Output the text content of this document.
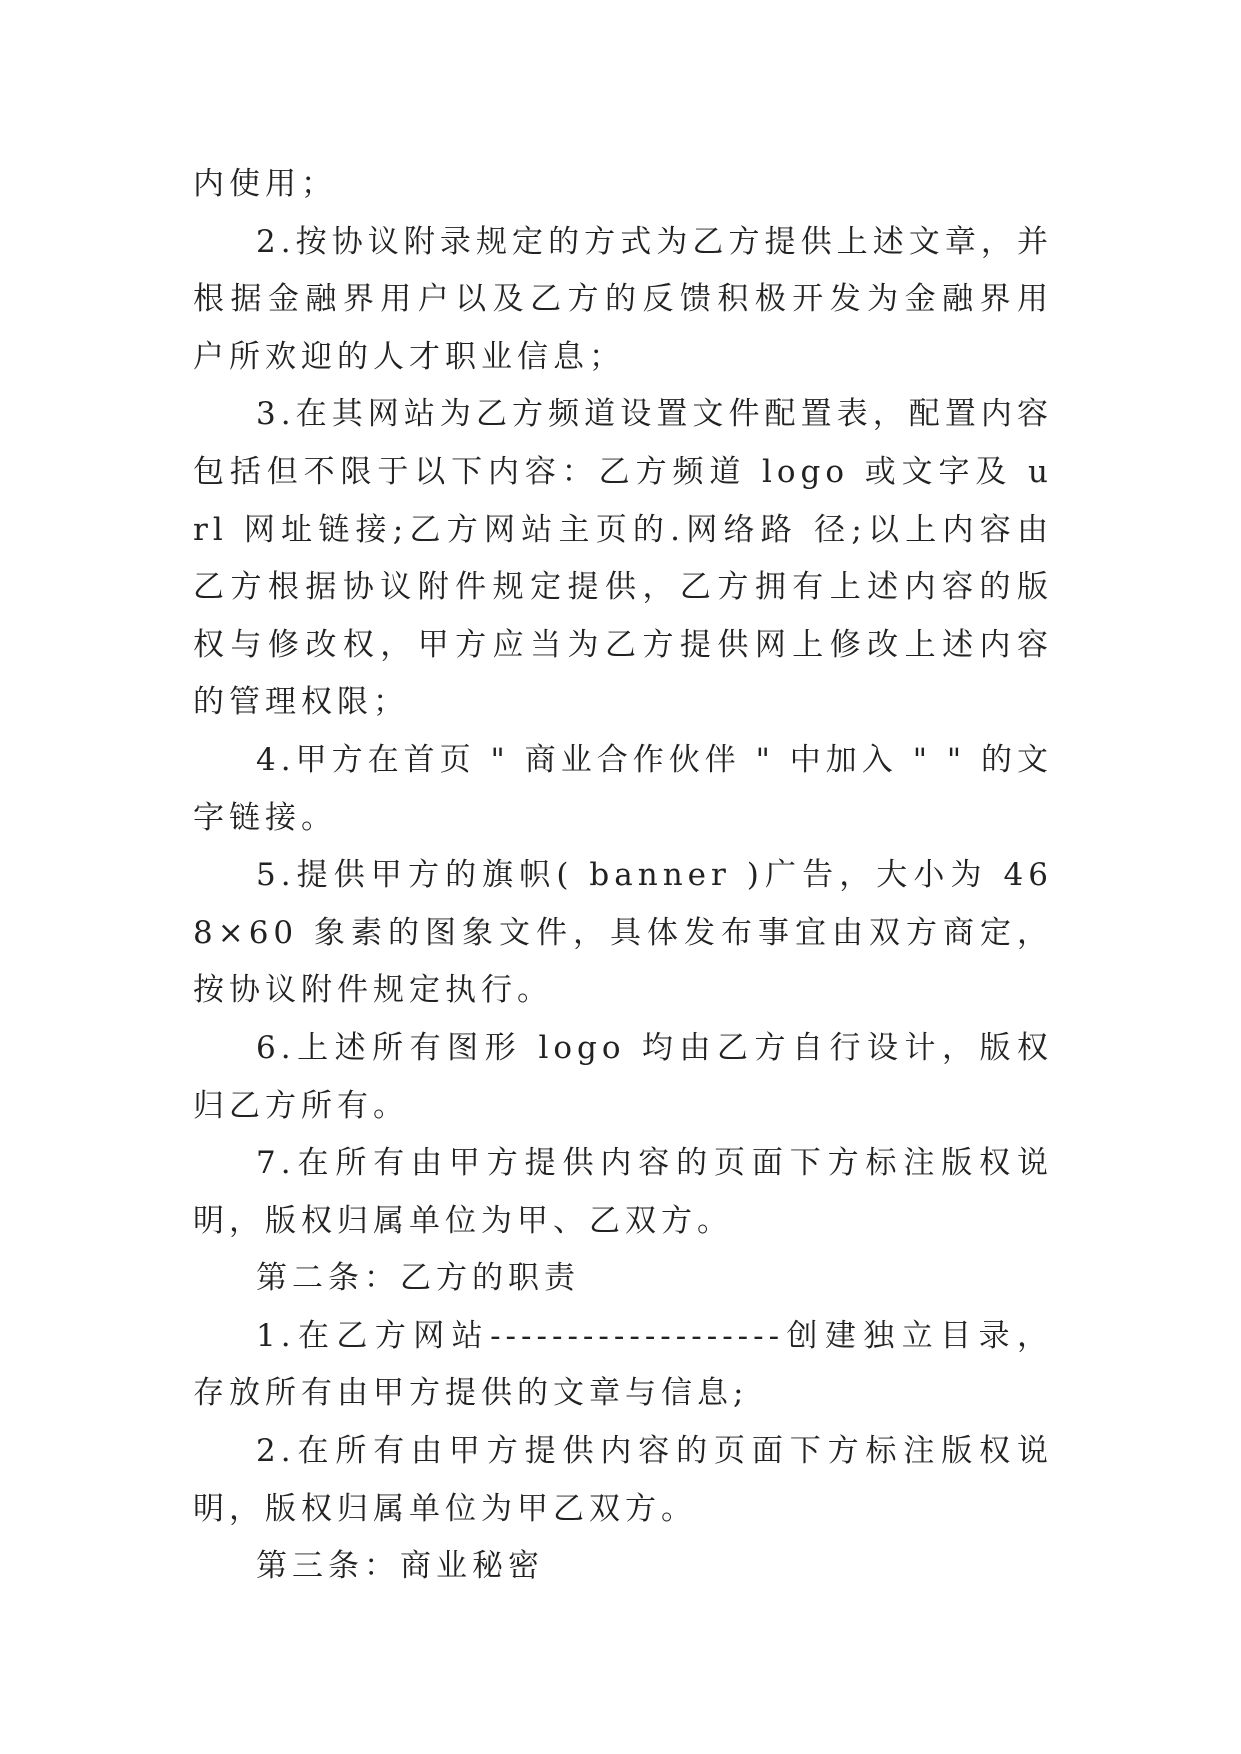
内使用；

2.按协议附录规定的方式为乙方提供上述文章，并根据金融界用户以及乙方的反馈积极开发为金融界用户所欢迎的人才职业信息；

3.在其网站为乙方频道设置文件配置表，配置内容包括但不限于以下内容：乙方频道 logo 或文字及 url 网址链接;乙方网站主页的.网络路 径;以上内容由乙方根据协议附件规定提供，乙方拥有上述内容的版权与修改权，甲方应当为乙方提供网上修改上述内容的管理权限；

4.甲方在首页 " 商业合作伙伴 " 中加入 " " 的文字链接。

5.提供甲方的旗帜( banner )广告，大小为 468×60 象素的图象文件，具体发布事宜由双方商定，按协议附件规定执行。

6.上述所有图形 logo 均由乙方自行设计，版权归乙方所有。

7.在所有由甲方提供内容的页面下方标注版权说明，版权归属单位为甲、乙双方。

第二条：乙方的职责

1.在乙方网站-------------------创建独立目录，存放所有由甲方提供的文章与信息;

2.在所有由甲方提供内容的页面下方标注版权说明，版权归属单位为甲乙双方。

第三条：商业秘密
